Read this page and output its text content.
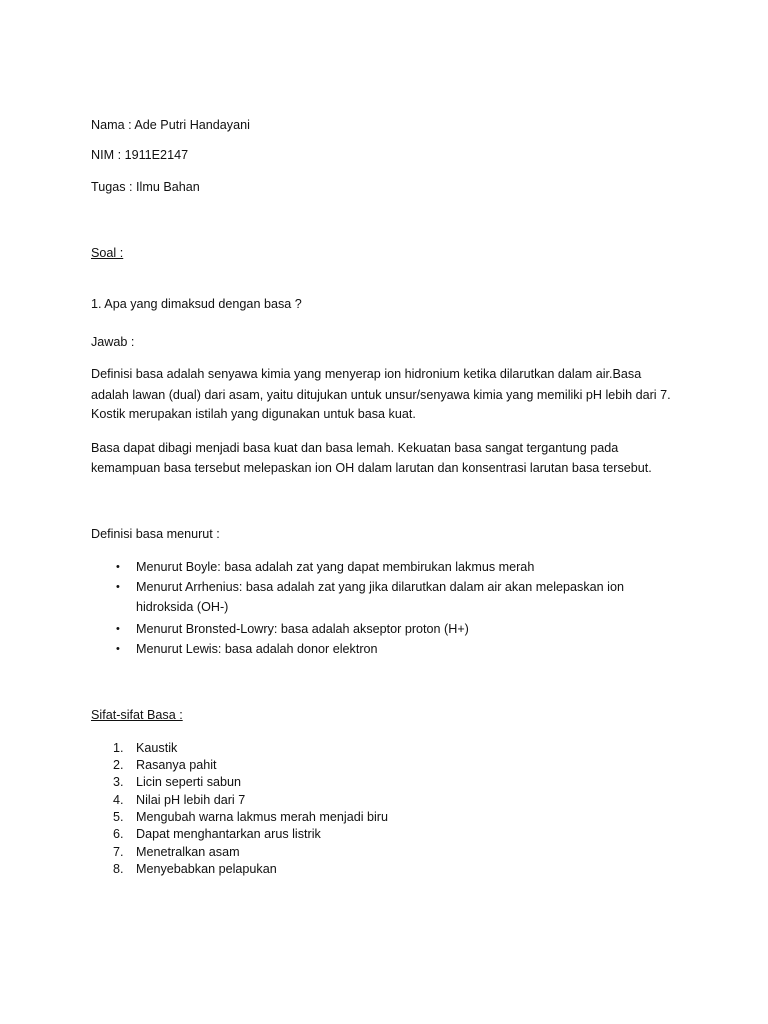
Nama : Ade Putri Handayani
NIM : 1911E2147
Tugas : Ilmu Bahan
Soal :
1. Apa yang dimaksud dengan basa ?
Jawab :
Definisi basa adalah senyawa kimia yang menyerap ion hidronium ketika dilarutkan dalam air.Basa
adalah lawan (dual) dari asam, yaitu ditujukan untuk unsur/senyawa kimia yang memiliki pH lebih dari 7.
Kostik merupakan istilah yang digunakan untuk basa kuat.
Basa dapat dibagi menjadi basa kuat dan basa lemah. Kekuatan basa sangat tergantung pada
kemampuan basa tersebut melepaskan ion OH dalam larutan dan konsentrasi larutan basa tersebut.
Definisi basa menurut :
• Menurut Boyle: basa adalah zat yang dapat membirukan lakmus merah
• Menurut Arrhenius: basa adalah zat yang jika dilarutkan dalam air akan melepaskan ion
hidroksida (OH-)
• Menurut Bronsted-Lowry: basa adalah akseptor proton (H+)
• Menurut Lewis: basa adalah donor elektron
Sifat-sifat Basa :
1. Kaustik
2. Rasanya pahit
3. Licin seperti sabun
4. Nilai pH lebih dari 7
5. Mengubah warna lakmus merah menjadi biru
6. Dapat menghantarkan arus listrik
7. Menetralkan asam
8. Menyebabkan pelapukan
